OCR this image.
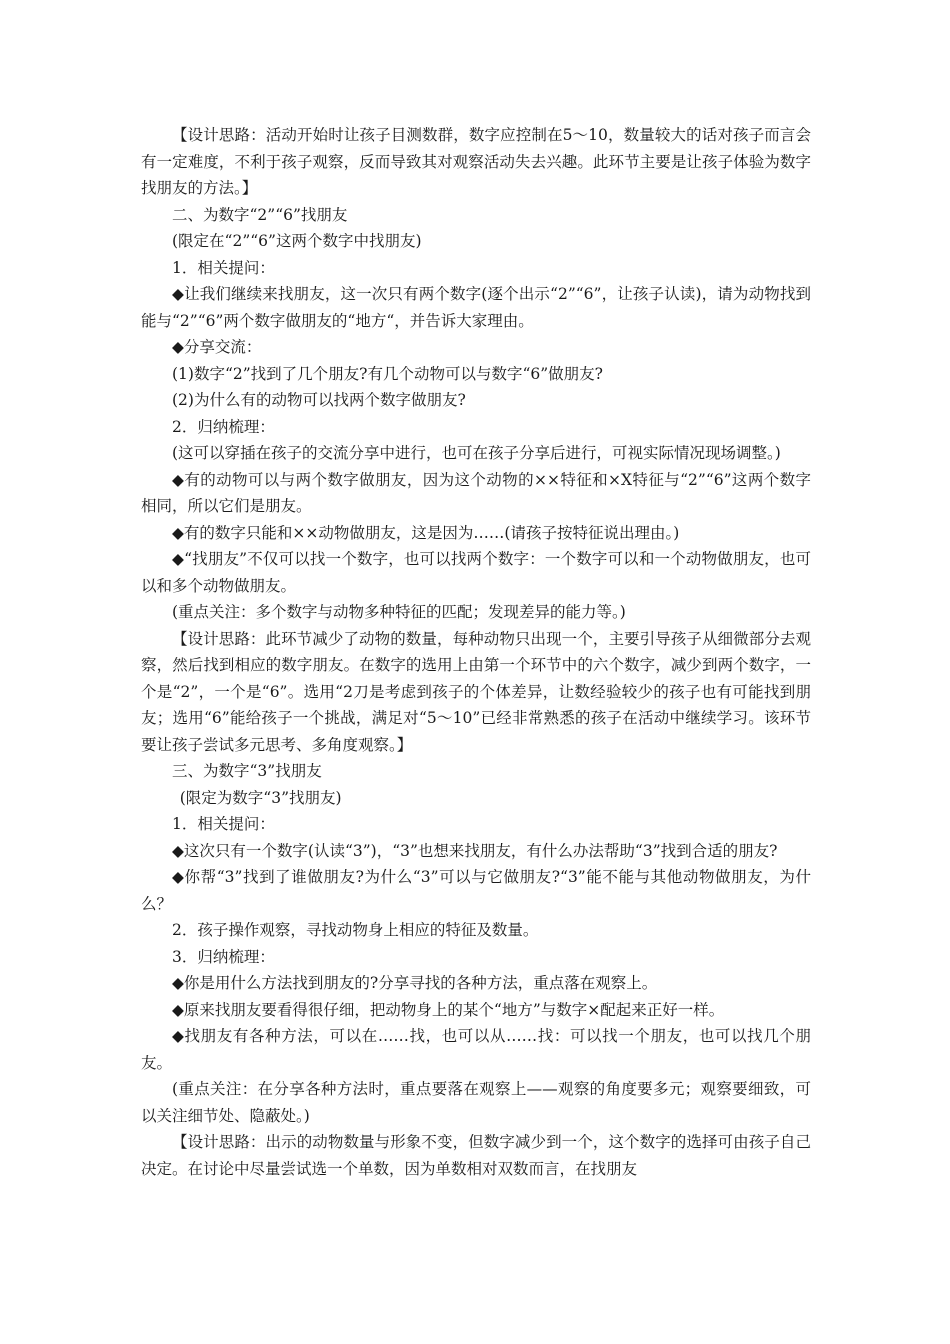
【设计思路：活动开始时让孩子目测数群，数字应控制在5～10，数量较大的话对孩子而言会有一定难度，不利于孩子观察，反而导致其对观察活动失去兴趣。此环节主要是让孩子体验为数字找朋友的方法。】

二、为数字“2”“6”找朋友

(限定在“2”“6”这两个数字中找朋友)

1．相关提问：

◆让我们继续来找朋友，这一次只有两个数字(逐个出示“2”“6”，让孩子认读)，请为动物找到能与“2”“6”两个数字做朋友的“地方“，并告诉大家理由。

◆分享交流：

(1)数字“2”找到了几个朋友?有几个动物可以与数字“6”做朋友?

(2)为什么有的动物可以找两个数字做朋友?

2．归纳梳理：

(这可以穿插在孩子的交流分享中进行，也可在孩子分享后进行，可视实际情况现场调整。)

◆有的动物可以与两个数字做朋友，因为这个动物的××特征和×X特征与“2”“6”这两个数字相同，所以它们是朋友。

◆有的数字只能和××动物做朋友，这是因为……(请孩子按特征说出理由。)

◆“找朋友”不仅可以找一个数字，也可以找两个数字：一个数字可以和一个动物做朋友，也可以和多个动物做朋友。

(重点关注：多个数字与动物多种特征的匹配；发现差异的能力等。)

【设计思路：此环节减少了动物的数量，每种动物只出现一个，主要引导孩子从细微部分去观察，然后找到相应的数字朋友。在数字的选用上由第一个环节中的六个数字，减少到两个数字，一个是“2”，一个是“6”。选用“2刀是考虑到孩子的个体差异，让数经验较少的孩子也有可能找到朋友；选用“6”能给孩子一个挑战，满足对“5～10”已经非常熟悉的孩子在活动中继续学习。该环节要让孩子尝试多元思考、多角度观察。】

三、为数字“3”找朋友

(限定为数字“3”找朋友)

1．相关提问：

◆这次只有一个数字(认读“3”)，“3”也想来找朋友，有什么办法帮助“3”找到合适的朋友?

◆你帮“3”找到了谁做朋友?为什么“3”可以与它做朋友?“3”能不能与其他动物做朋友，为什么？

2．孩子操作观察，寻找动物身上相应的特征及数量。

3．归纳梳理：

◆你是用什么方法找到朋友的?分享寻找的各种方法，重点落在观察上。

◆原来找朋友要看得很仔细，把动物身上的某个“地方”与数字×配起来正好一样。

◆找朋友有各种方法，可以在……找，也可以从……找：可以找一个朋友，也可以找几个朋友。

(重点关注：在分享各种方法时，重点要落在观察上——观察的角度要多元；观察要细致，可以关注细节处、隐蔽处。)

【设计思路：出示的动物数量与形象不变，但数字减少到一个，这个数字的选择可由孩子自己决定。在讨论中尽量尝试选一个单数，因为单数相对双数而言，在找朋友
